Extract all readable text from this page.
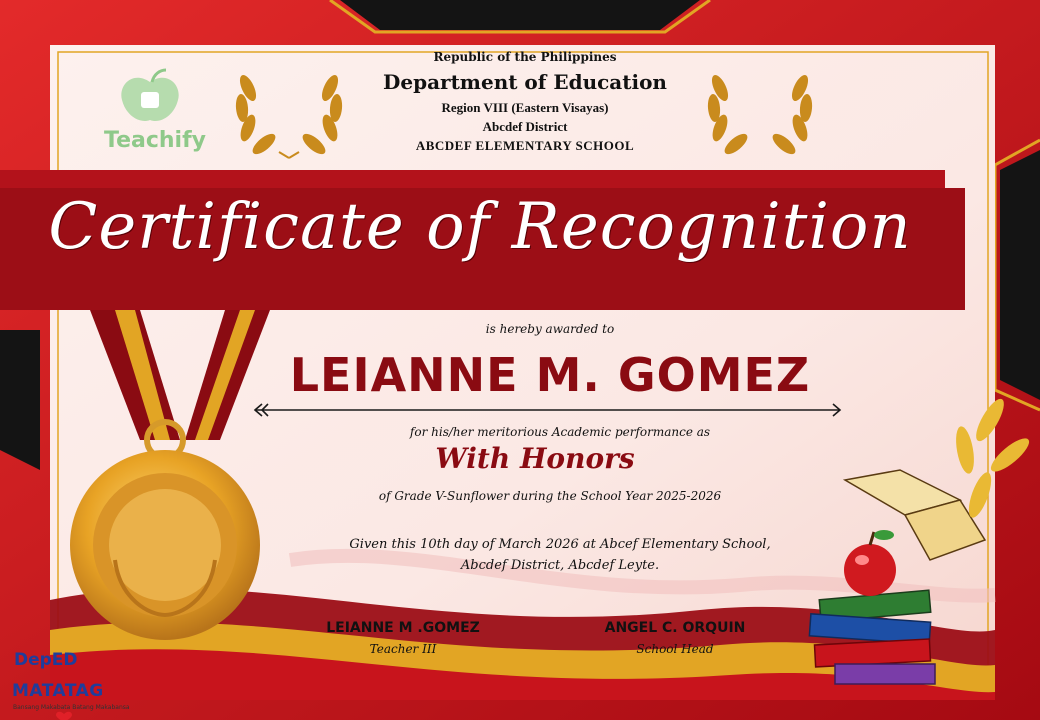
Republic of the Philippines
Department of Education
Region VIII (Eastern Visayas)
Abcdef District
ABCDEF ELEMENTARY SCHOOL
Teachify
Certificate of Recognition
is hereby awarded to
LEIANNE M. GOMEZ
for his/her meritorious Academic performance as
With Honors
of Grade V-Sunflower during the School Year 2025-2026
Given this 10th day of March 2026 at Abcef Elementary School,
Abcdef District, Abcdef Leyte.
LEIANNE M .GOMEZ
Teacher III
ANGEL C. ORQUIN
School Head
DepED
MATATAG
Bansang Makabata Batang Makabansa
